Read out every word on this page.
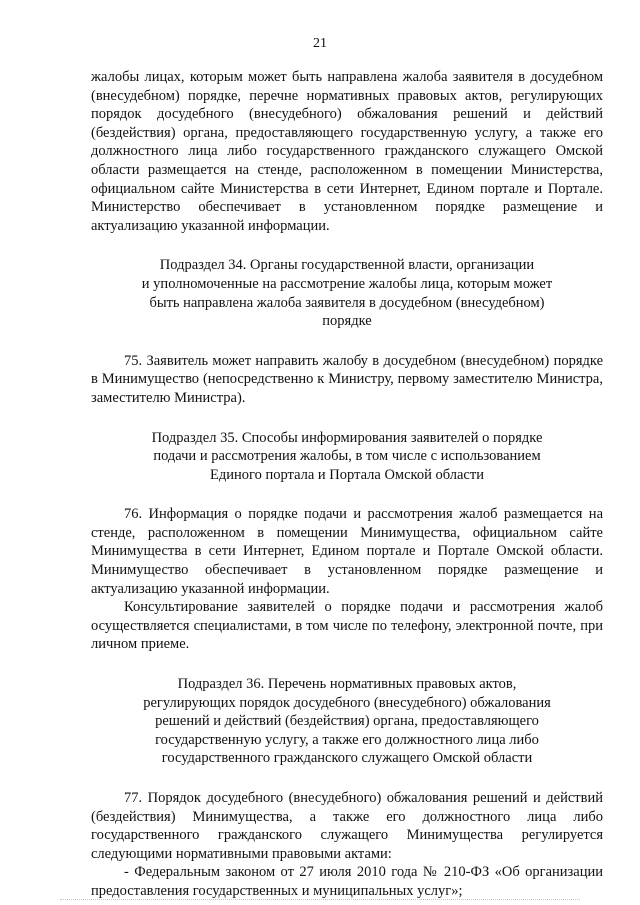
21

жалобы лицах, которым может быть направлена жалоба заявителя в досудебном (внесудебном) порядке, перечне нормативных правовых актов, регулирующих порядок досудебного (внесудебного) обжалования решений и действий (бездействия) органа, предоставляющего государственную услугу, а также его должностного лица либо государственного гражданского служащего Омской области размещается на стенде, расположенном в помещении Министерства, официальном сайте Министерства в сети Интернет, Едином портале и Портале. Министерство обеспечивает в установленном порядке размещение и актуализацию указанной информации.

Подраздел 34. Органы государственной власти, организации
и уполномоченные на рассмотрение жалобы лица, которым может
быть направлена жалоба заявителя в досудебном (внесудебном)
порядке

75. Заявитель может направить жалобу в досудебном (внесудебном) порядке в Минимущество (непосредственно к Министру, первому заместителю Министра, заместителю Министра).

Подраздел 35. Способы информирования заявителей о порядке
подачи и рассмотрения жалобы, в том числе с использованием
Единого портала и Портала Омской области

76. Информация о порядке подачи и рассмотрения жалоб размещается на стенде, расположенном в помещении Минимущества, официальном сайте Минимущества в сети Интернет, Едином портале и Портале Омской области. Минимущество обеспечивает в установленном порядке размещение и актуализацию указанной информации.

Консультирование заявителей о порядке подачи и рассмотрения жалоб осуществляется специалистами, в том числе по телефону, электронной почте, при личном приеме.

Подраздел 36. Перечень нормативных правовых актов,
регулирующих порядок досудебного (внесудебного) обжалования
решений и действий (бездействия) органа, предоставляющего
государственную услугу, а также его должностного лица либо
государственного гражданского служащего Омской области

77. Порядок досудебного (внесудебного) обжалования решений и действий (бездействия) Минимущества, а также его должностного лица либо государственного гражданского служащего Минимущества регулируется следующими нормативными правовыми актами:

- Федеральным законом от 27 июля 2010 года № 210-ФЗ «Об организации предоставления государственных и муниципальных услуг»;
